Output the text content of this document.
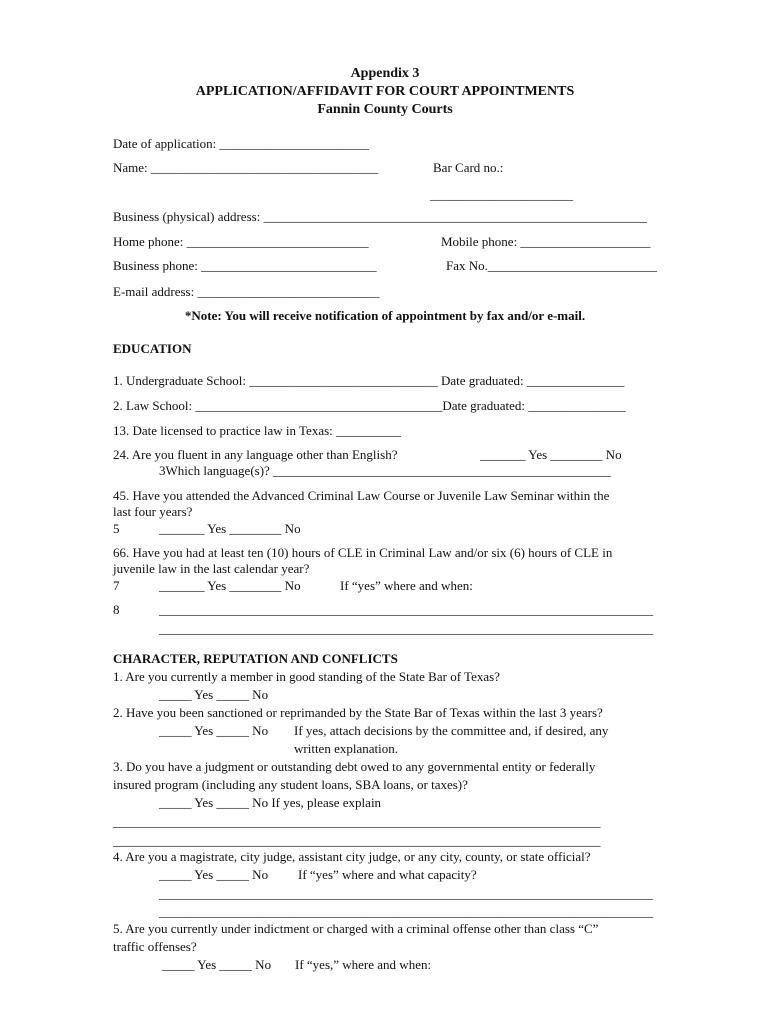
Appendix 3
APPLICATION/AFFIDAVIT FOR COURT APPOINTMENTS
Fannin County Courts
Date of application: _______________________
Name: ___________________________________	Bar Card no.:
______________________
Business (physical) address: ___________________________________________________________
Home phone: ____________________________	Mobile phone: ____________________
Business phone: ___________________________	Fax No.__________________________
E-mail address: ____________________________
*Note: You will receive notification of appointment by fax and/or e-mail.
EDUCATION
1. Undergraduate School: _____________________________ Date graduated: _______________
2. Law School: ______________________________________Date graduated: _______________
13. Date licensed to practice law in Texas: __________
24. Are you fluent in any language other than English?	_______ Yes ________ No
3Which language(s)? ____________________________________________________
45. Have you attended the Advanced Criminal Law Course or Juvenile Law Seminar within the
last four years?
5	_______ Yes ________ No
66. Have you had at least ten (10) hours of CLE in Criminal Law and/or six (6) hours of CLE in
juvenile law in the last calendar year?
7	_______ Yes ________ No	If “yes” where and when:
8	____________________________________________________________________________
____________________________________________________________________________
CHARACTER, REPUTATION AND CONFLICTS
1. Are you currently a member in good standing of the State Bar of Texas?
_____ Yes _____ No
2. Have you been sanctioned or reprimanded by the State Bar of Texas within the last 3 years?
_____ Yes _____ No If yes, attach decisions by the committee and, if desired, any
written explanation.
3. Do you have a judgment or outstanding debt owed to any governmental entity or federally
insured program (including any student loans, SBA loans, or taxes)?
_____ Yes _____ No If yes, please explain
___________________________________________________________________________
___________________________________________________________________________
4. Are you a magistrate, city judge, assistant city judge, or any city, county, or state official?
_____ Yes _____ No If “yes” where and what capacity?
____________________________________________________________________________
____________________________________________________________________________
5. Are you currently under indictment or charged with a criminal offense other than class “C”
traffic offenses?
_____ Yes _____ No If “yes,” where and when:
